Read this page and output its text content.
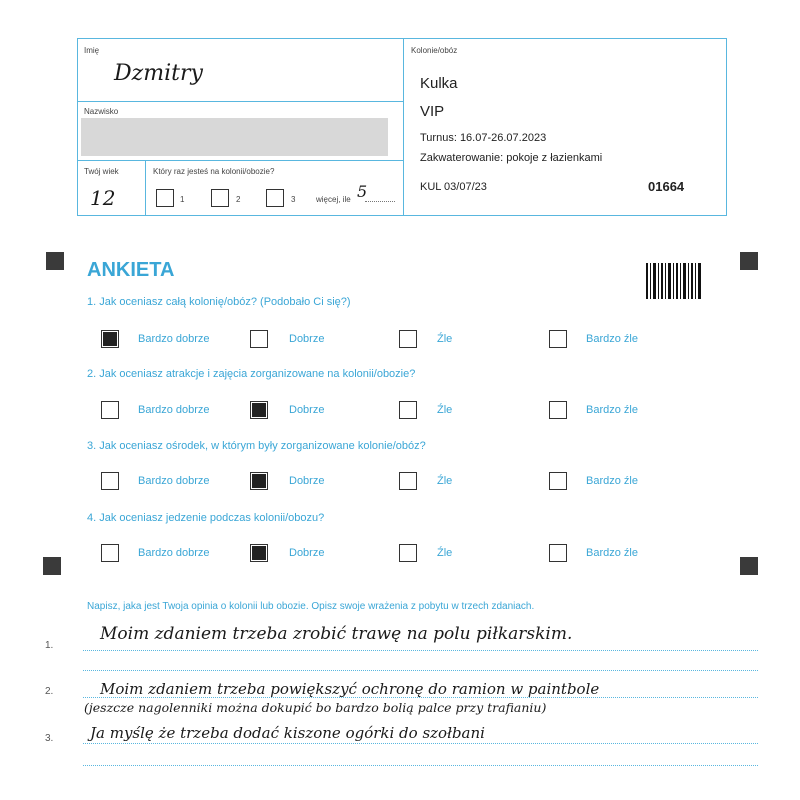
Imię
Dzmitry
Nazwisko
Twój wiek
12
Który raz jesteś na kolonii/obozie?
1	2	3	więcej, ile 5
Kolonie/obóz
Kulka
VIP
Turnus: 16.07-26.07.2023
Zakwaterowanie: pokoje z łazienkami
KUL 03/07/23	01664
ANKIETA
1. Jak oceniasz całą kolonię/obóz? (Podobało Ci się?)
Bardzo dobrze	Dobrze	Źle	Bardzo źle
2. Jak oceniasz atrakcje i zajęcia zorganizowane na kolonii/obozie?
Bardzo dobrze	Dobrze	Źle	Bardzo źle
3. Jak oceniasz ośrodek, w którym były zorganizowane kolonie/obóz?
Bardzo dobrze	Dobrze	Źle	Bardzo źle
4. Jak oceniasz jedzenie podczas kolonii/obozu?
Bardzo dobrze	Dobrze	Źle	Bardzo źle
Napisz, jaka jest Twoja opinia o kolonii lub obozie. Opisz swoje wrażenia z pobytu w trzech zdaniach.
1.
Moim zdaniem trzeba zrobić trawę na polu piłkarskim.
2.	Moim zdaniem trzeba powiększyć ochronę do ramion w paintbole
(jeszcze nagolenniki można dokupić bo bardzo bolią palce przy trafianiu)
3. Ja myślę że trzeba dodać kiszone ogórki do szołbani
